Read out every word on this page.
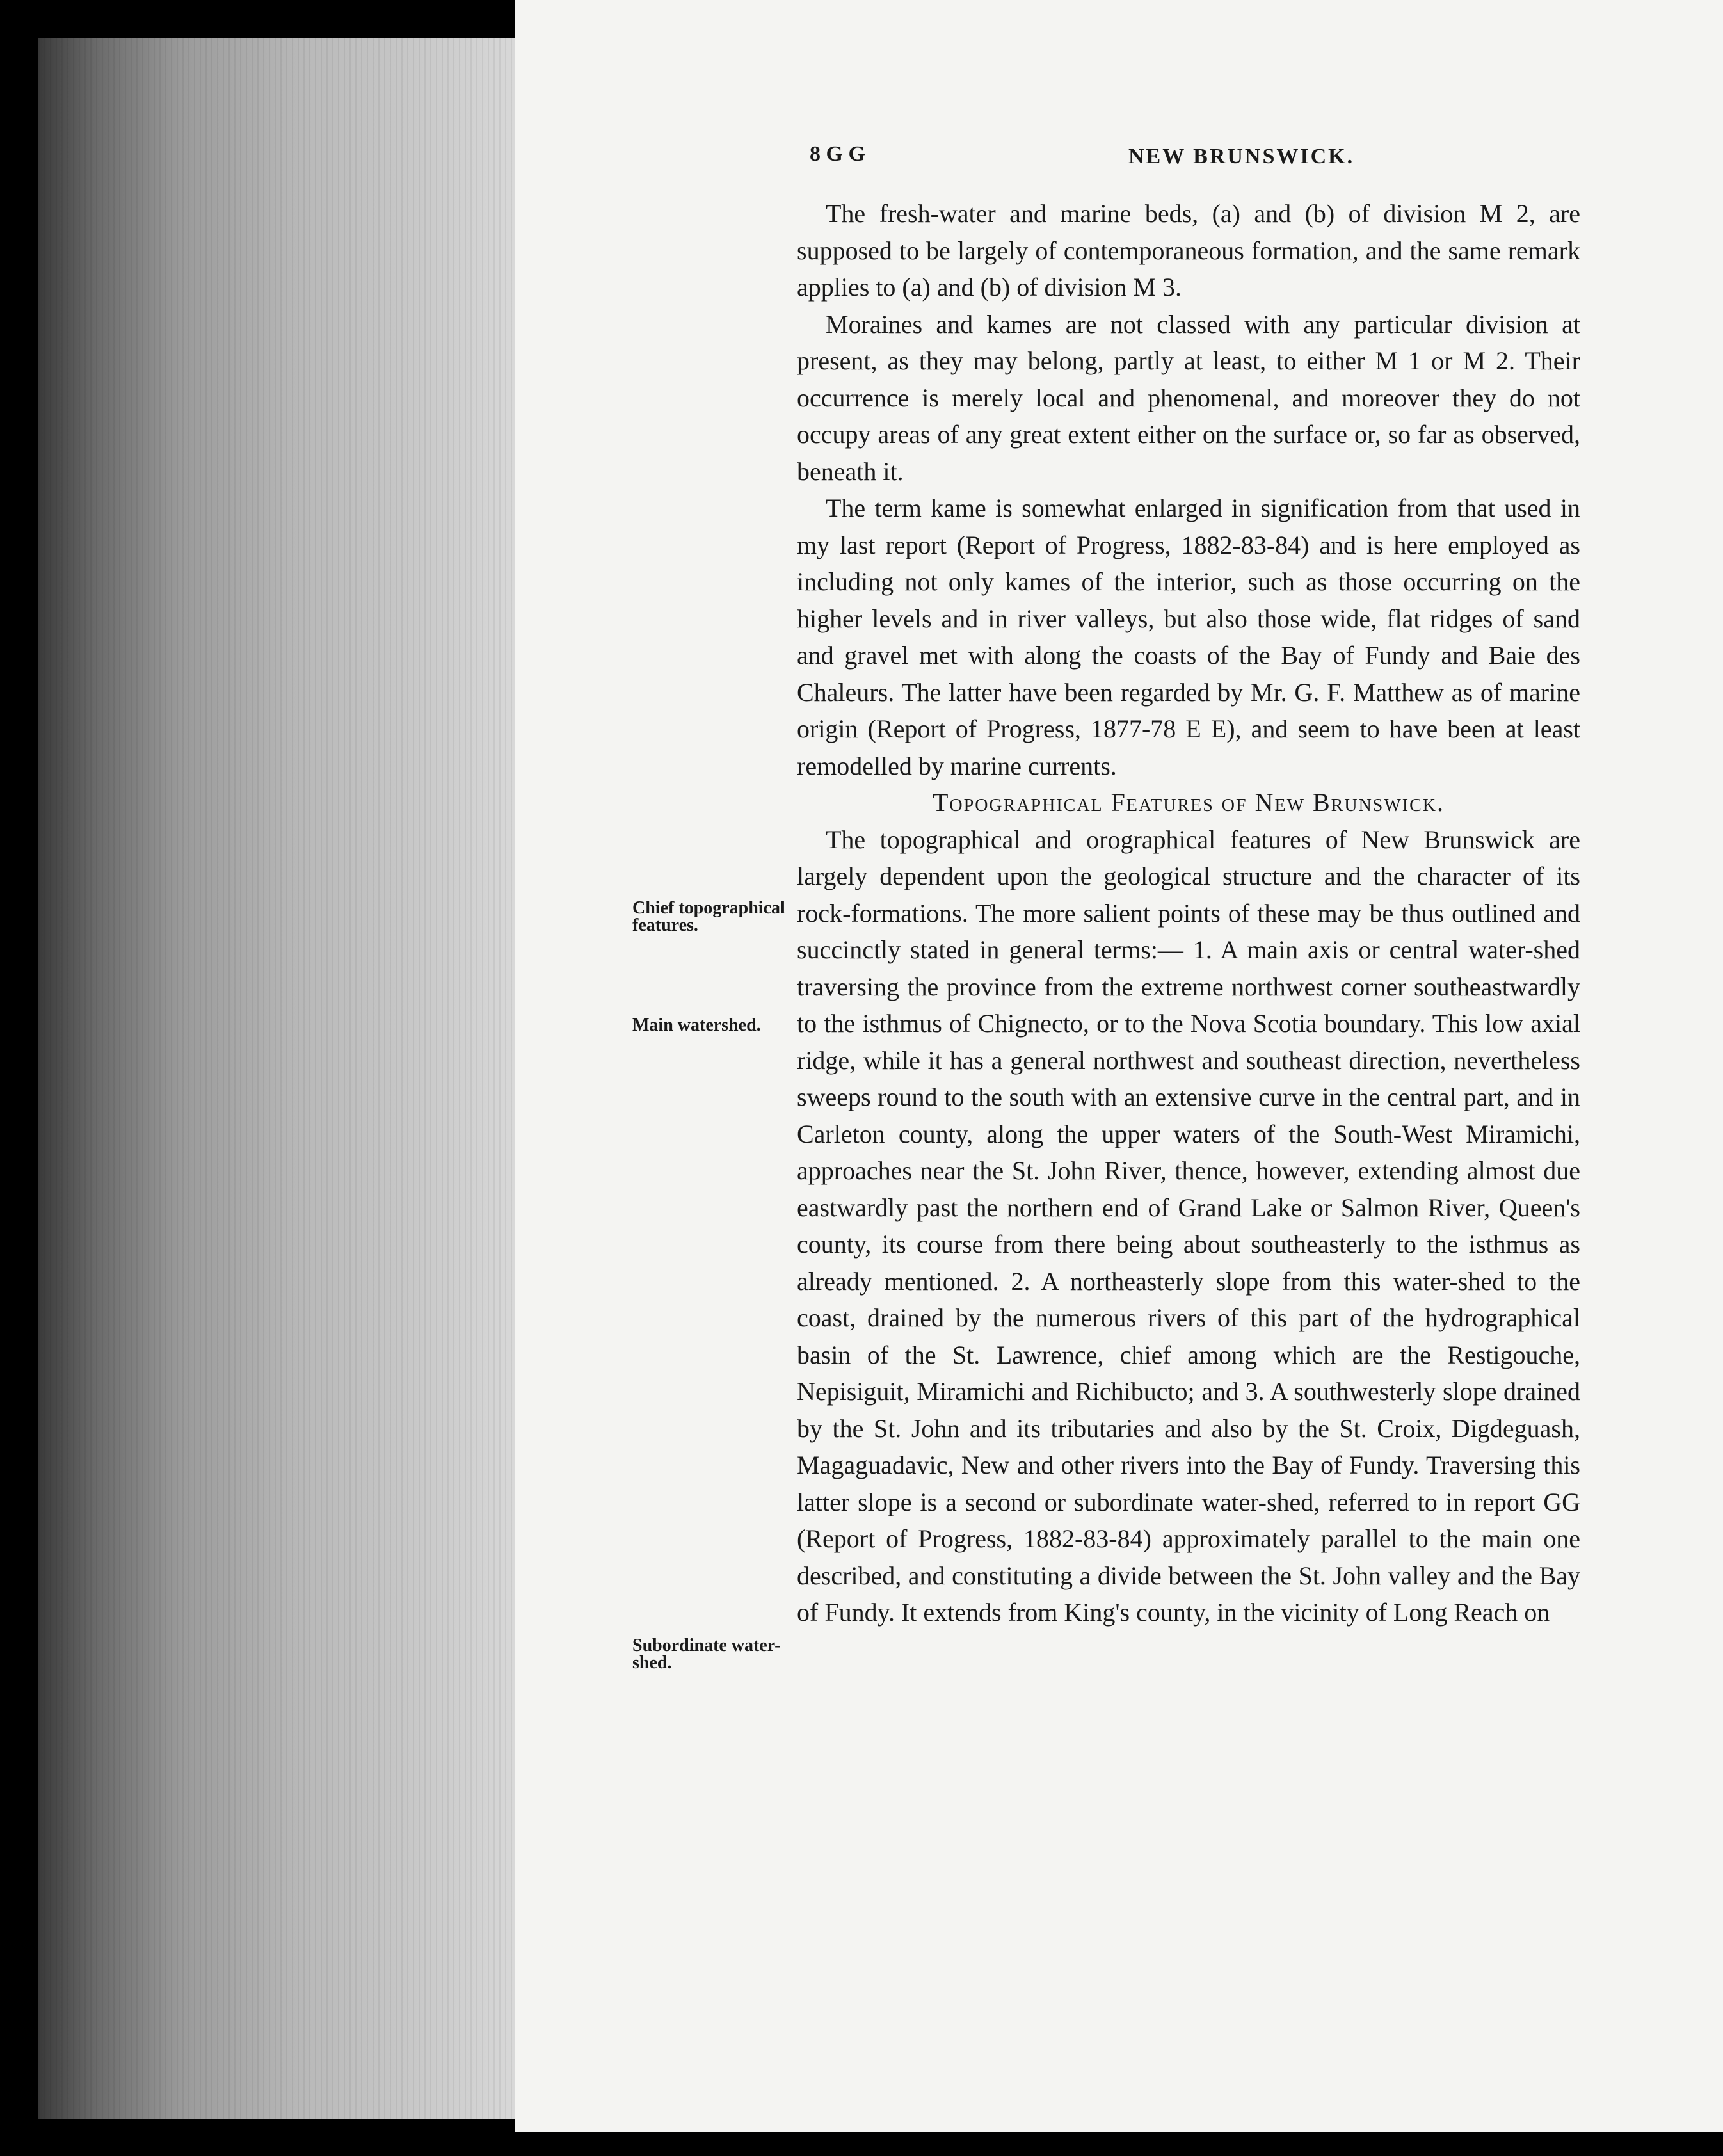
8 G G	NEW BRUNSWICK.
Chief topographical features.
Main watershed.
Subordinate water-shed.

The fresh-water and marine beds, (a) and (b) of division M 2, are supposed to be largely of contemporaneous formation, and the same remark applies to (a) and (b) of division M 3.

Moraines and kames are not classed with any particular division at present, as they may belong, partly at least, to either M 1 or M 2. Their occurrence is merely local and phenomenal, and moreover they do not occupy areas of any great extent either on the surface or, so far as observed, beneath it.

The term kame is somewhat enlarged in signification from that used in my last report (Report of Progress, 1882-83-84) and is here employed as including not only kames of the interior, such as those occurring on the higher levels and in river valleys, but also those wide, flat ridges of sand and gravel met with along the coasts of the Bay of Fundy and Baie des Chaleurs. The latter have been regarded by Mr. G. F. Matthew as of marine origin (Report of Progress, 1877-78 E E), and seem to have been at least remodelled by marine currents.

Topographical Features of New Brunswick.

The topographical and orographical features of New Brunswick are largely dependent upon the geological structure and the character of its rock-formations. The more salient points of these may be thus outlined and succinctly stated in general terms:— 1. A main axis or central water-shed traversing the province from the extreme northwest corner southeastwardly to the isthmus of Chignecto, or to the Nova Scotia boundary. This low axial ridge, while it has a general northwest and southeast direction, nevertheless sweeps round to the south with an extensive curve in the central part, and in Carleton county, along the upper waters of the South-West Miramichi, approaches near the St. John River, thence, however, extending almost due eastwardly past the northern end of Grand Lake or Salmon River, Queen's county, its course from there being about southeasterly to the isthmus as already mentioned. 2. A northeasterly slope from this water-shed to the coast, drained by the numerous rivers of this part of the hydrographical basin of the St. Lawrence, chief among which are the Restigouche, Nepisiguit, Miramichi and Richibucto; and 3. A southwesterly slope drained by the St. John and its tributaries and also by the St. Croix, Digdeguash, Magaguadavic, New and other rivers into the Bay of Fundy. Traversing this latter slope is a second or subordinate water-shed, referred to in report GG (Report of Progress, 1882-83-84) approximately parallel to the main one described, and constituting a divide between the St. John valley and the Bay of Fundy. It extends from King's county, in the vicinity of Long Reach on
